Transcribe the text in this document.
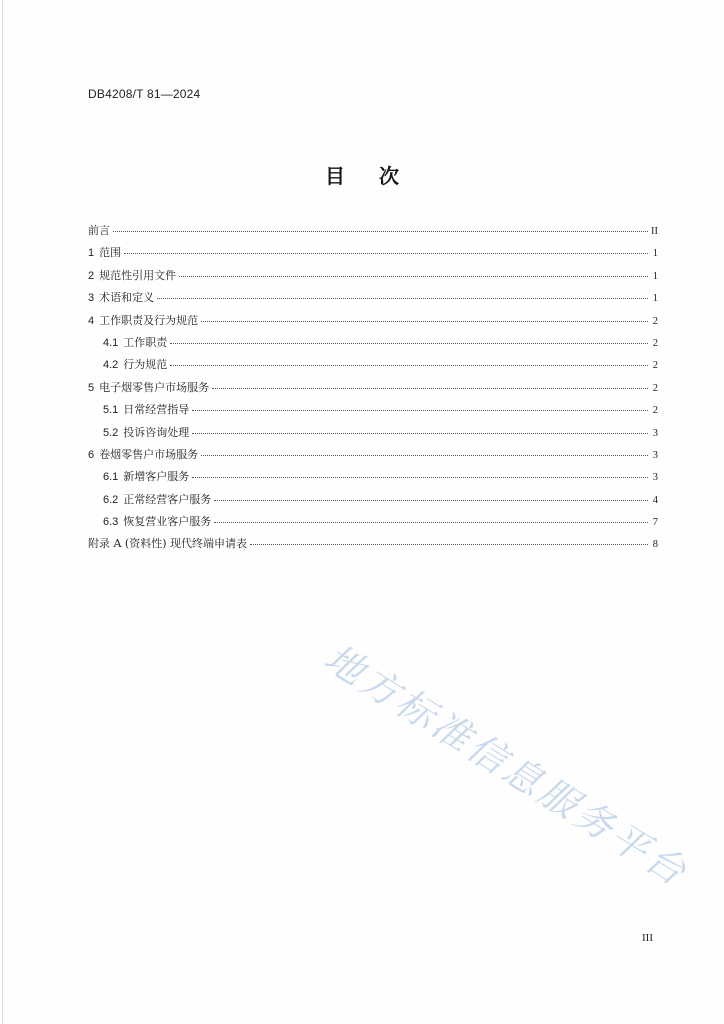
DB4208/T 81—2024
目次
前言	II
1 范围	1
2 规范性引用文件	1
3 术语和定义	1
4 工作职责及行为规范	2
4.1 工作职责	2
4.2 行为规范	2
5 电子烟零售户市场服务	2
5.1 日常经营指导	2
5.2 投诉咨询处理	3
6 卷烟零售户市场服务	3
6.1 新增客户服务	3
6.2 正常经营客户服务	4
6.3 恢复营业客户服务	7
附录 A (资料性) 现代终端申请表	8
地方标准信息服务平台
III
